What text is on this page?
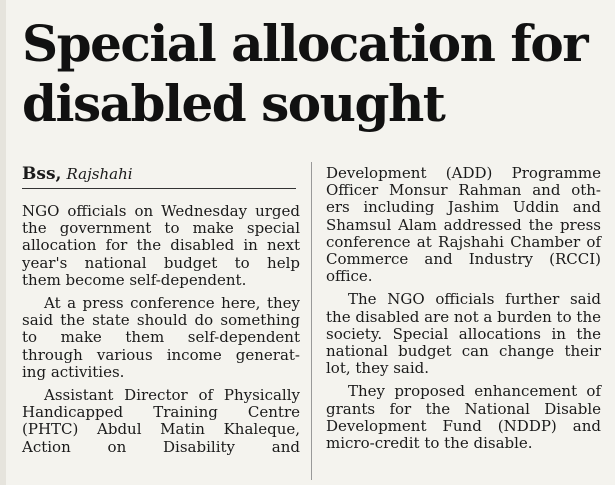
Special allocation for
disabled sought
Bss, Rajshahi

NGO officials on Wednesday urged
the government to make special
allocation for the disabled in next
year's national budget to help
them become self-dependent.

At a press conference here, they
said the state should do something
to make them self-dependent
through various income generat-
ing activities.

Assistant Director of Physically
Handicapped Training Centre
(PHTC) Abdul Matin Khaleque,
Action on Disability and

Development (ADD) Programme
Officer Monsur Rahman and oth-
ers including Jashim Uddin and
Shamsul Alam addressed the press
conference at Rajshahi Chamber of
Commerce and Industry (RCCI)
office.

The NGO officials further said
the disabled are not a burden to the
society. Special allocations in the
national budget can change their
lot, they said.

They proposed enhancement of
grants for the National Disable
Development Fund (NDDP) and
micro-credit to the disable.
